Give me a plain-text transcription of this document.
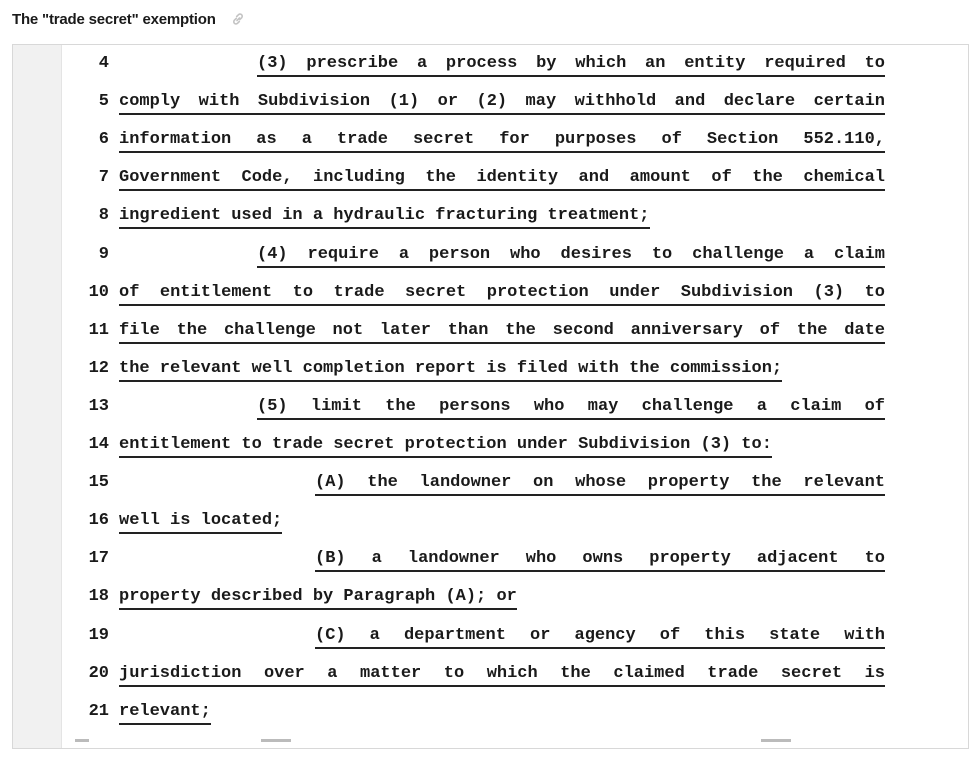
The "trade secret" exemption
4	(3) prescribe a process by which an entity required to
5 comply with Subdivision (1) or (2) may withhold and declare certain
6 information as a trade secret for purposes of Section 552.110,
7 Government Code, including the identity and amount of the chemical
8 ingredient used in a hydraulic fracturing treatment;
9	(4) require a person who desires to challenge a claim
10 of entitlement to trade secret protection under Subdivision (3) to
11 file the challenge not later than the second anniversary of the date
12 the relevant well completion report is filed with the commission;
13	(5) limit the persons who may challenge a claim of
14 entitlement to trade secret protection under Subdivision (3) to:
15	(A) the landowner on whose property the relevant
16 well is located;
17	(B) a landowner who owns property adjacent to
18 property described by Paragraph (A); or
19	(C) a department or agency of this state with
20 jurisdiction over a matter to which the claimed trade secret is
21 relevant;
